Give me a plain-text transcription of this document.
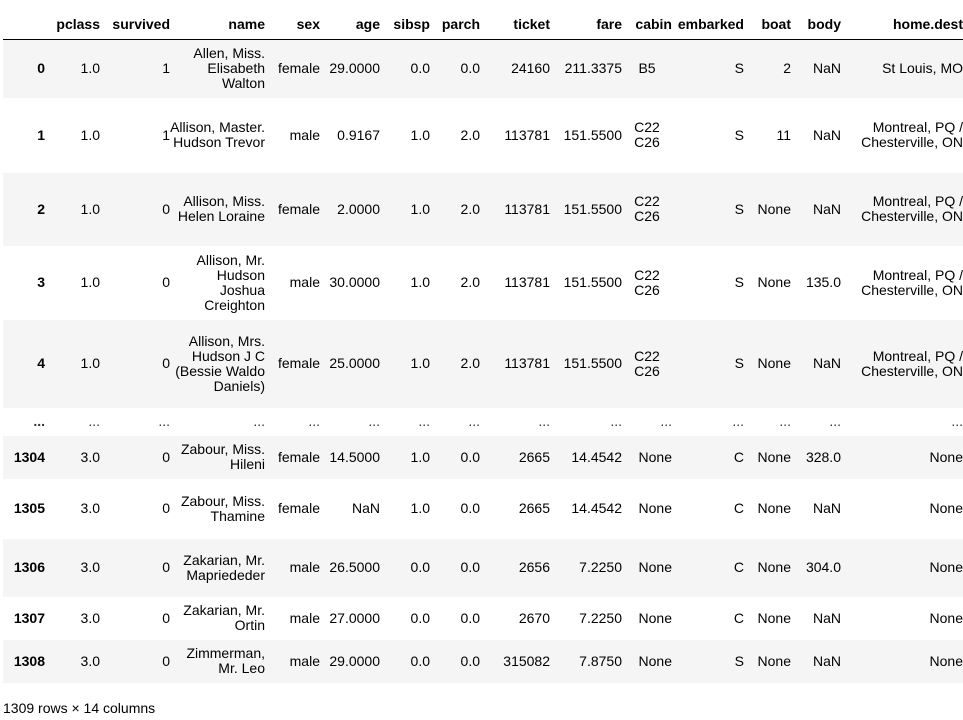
	pclass	survived	name	sex	age	sibsp	parch	ticket	fare	cabin	embarked	boat	body	home.dest
0	1.0	1	Allen, Miss. Elisabeth Walton	female	29.0000	0.0	0.0	24160	211.3375	B5	S	2	NaN	St Louis, MO
1	1.0	1	Allison, Master. Hudson Trevor	male	0.9167	1.0	2.0	113781	151.5500	C22 C26	S	11	NaN	Montreal, PQ / Chesterville, ON
2	1.0	0	Allison, Miss. Helen Loraine	female	2.0000	1.0	2.0	113781	151.5500	C22 C26	S	None	NaN	Montreal, PQ / Chesterville, ON
3	1.0	0	Allison, Mr. Hudson Joshua Creighton	male	30.0000	1.0	2.0	113781	151.5500	C22 C26	S	None	135.0	Montreal, PQ / Chesterville, ON
4	1.0	0	Allison, Mrs. Hudson J C (Bessie Waldo Daniels)	female	25.0000	1.0	2.0	113781	151.5500	C22 C26	S	None	NaN	Montreal, PQ / Chesterville, ON
...	...	...	...	...	...	...	...	...	...	...	...	...	...	...
1304	3.0	0	Zabour, Miss. Hileni	female	14.5000	1.0	0.0	2665	14.4542	None	C	None	328.0	None
1305	3.0	0	Zabour, Miss. Thamine	female	NaN	1.0	0.0	2665	14.4542	None	C	None	NaN	None
1306	3.0	0	Zakarian, Mr. Mapriededer	male	26.5000	0.0	0.0	2656	7.2250	None	C	None	304.0	None
1307	3.0	0	Zakarian, Mr. Ortin	male	27.0000	0.0	0.0	2670	7.2250	None	C	None	NaN	None
1308	3.0	0	Zimmerman, Mr. Leo	male	29.0000	0.0	0.0	315082	7.8750	None	S	None	NaN	None
1309 rows × 14 columns
